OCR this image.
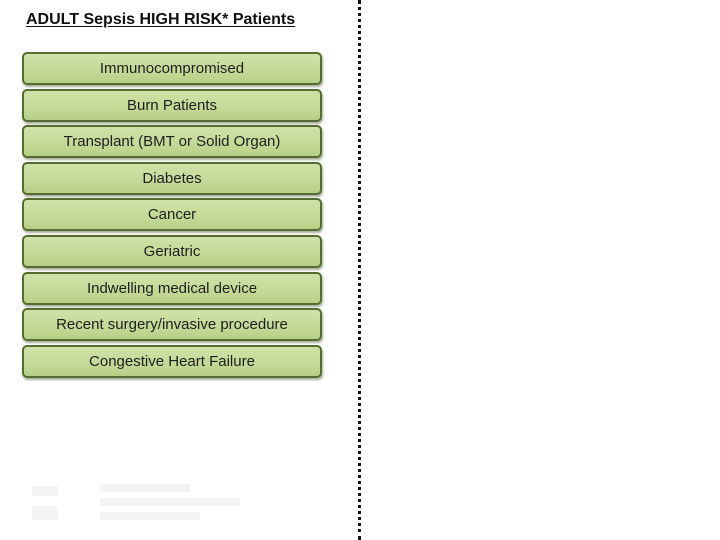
ADULT Sepsis HIGH RISK* Patients
Immunocompromised
Burn Patients
Transplant (BMT or Solid Organ)
Diabetes
Cancer
Geriatric
Indwelling medical device
Recent surgery/invasive procedure
Congestive Heart Failure
